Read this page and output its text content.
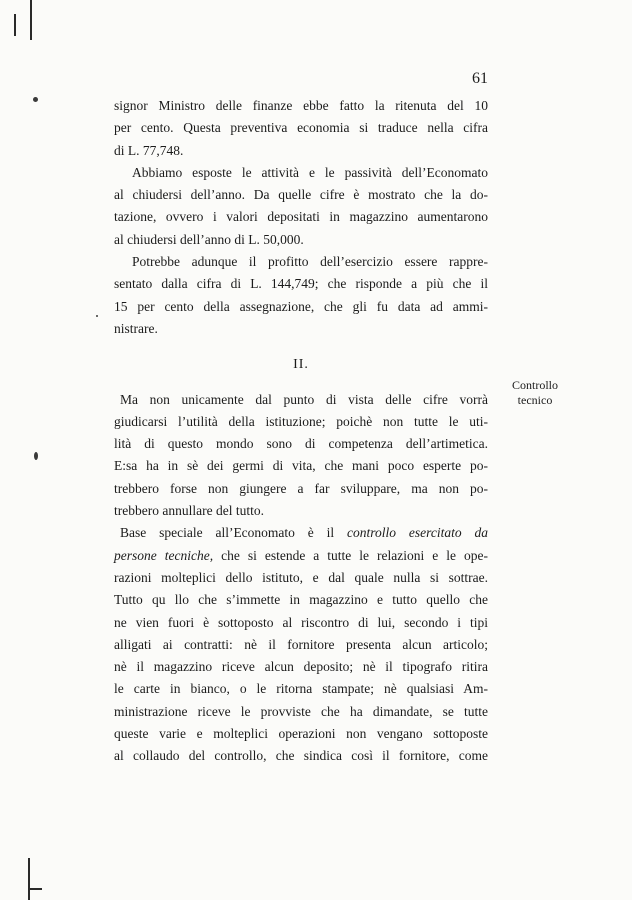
61

signor Ministro delle finanze ebbe fatto la ritenuta del 10
per cento. Questa preventiva economia si traduce nella cifra
di L. 77,748.

Abbiamo esposte le attività e le passività dell’Economato
al chiudersi dell’anno. Da quelle cifre è mostrato che la do-
tazione, ovvero i valori depositati in magazzino aumentarono
al chiudersi dell’anno di L. 50,000.

Potrebbe adunque il profitto dell’esercizio essere rappre-
sentato dalla cifra di L. 144,749; che risponde a più che il
15 per cento della assegnazione, che gli fu data ad ammi-
nistrare.

II.

Ma non unicamente dal punto di vista delle cifre vorrà
giudicarsi l’utilità della istituzione; poichè non tutte le uti-
lità di questo mondo sono di competenza dell’artimetica.
E:sa ha in sè dei germi di vita, che mani poco esperte po-
trebbero forse non giungere a far sviluppare, ma non po-
trebbero annullare del tutto.

Base speciale all’Economato è il controllo esercitato da
persone tecniche, che si estende a tutte le relazioni e le ope-
razioni molteplici dello istituto, e dal quale nulla si sottrae.
Tutto qu llo che s’immette in magazzino e tutto quello che
ne vien fuori è sottoposto al riscontro di lui, secondo i tipi
alligati ai contratti: nè il fornitore presenta alcun articolo;
nè il magazzino riceve alcun deposito; nè il tipografo ritira
le carte in bianco, o le ritorna stampate; nè qualsiasi Am-
ministrazione riceve le provviste che ha dimandate, se tutte
queste varie e molteplici operazioni non vengano sottoposte
al collaudo del controllo, che sindica così il fornitore, come

Controllo
tecnico
